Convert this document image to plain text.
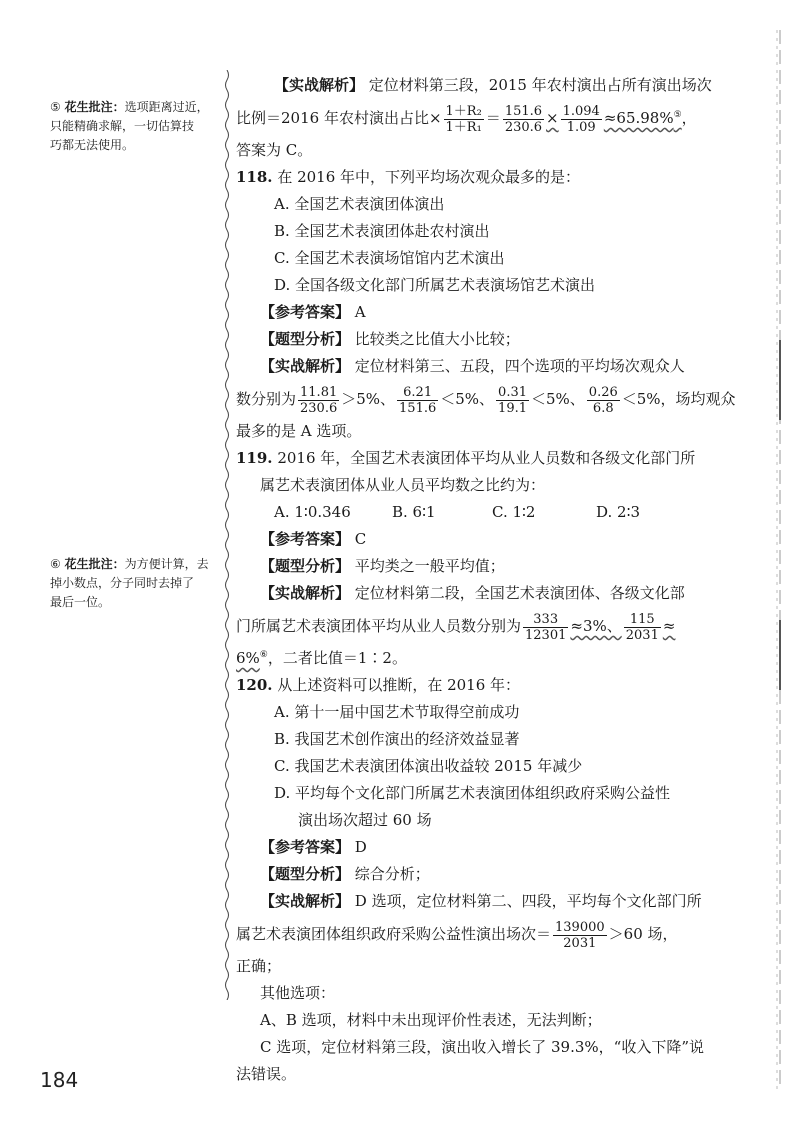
⑤ 花生批注：选项距离过近，
只能精确求解，一切估算技
巧都无法使用。
⑥ 花生批注：为方便计算，去
掉小数点，分子同时去掉了
最后一位。
【实战解析】 定位材料第三段，2015 年农村演出占所有演出场次
比例＝2016 年农村演出占比× $\frac{\text{1＋R₂}}{\text{1＋R₁}} = \frac{151.6}{230.6} \times \frac{1.094}{1.09} \approx 65.98\%^⑤$，
答案为 C。
118. 在 2016 年中，下列平均场次观众最多的是：
A. 全国艺术表演团体演出
B. 全国艺术表演团体赴农村演出
C. 全国艺术表演场馆馆内艺术演出
D. 全国各级文化部门所属艺术表演场馆艺术演出
【参考答案】 A
【题型分析】 比较类之比值大小比较；
【实战解析】 定位材料第三、五段，四个选项的平均场次观众人
数分别为 $\frac{11.81}{230.6} >5\%$、 $\frac{6.21}{151.6} <5\%$、 $\frac{0.31}{19.1} <5\%$、 $\frac{0.26}{6.8} <5\%$，场均观众
最多的是 A 选项。
119. 2016 年，全国艺术表演团体平均从业人员数和各级文化部门所
属艺术表演团体从业人员平均数之比约为：
A. 1∶0.346	B. 6∶1	C. 1∶2	D. 2∶3
【参考答案】 C
【题型分析】 平均类之一般平均值；
【实战解析】 定位材料第二段，全国艺术表演团体、各级文化部
门所属艺术表演团体平均从业人员数分别为 $\frac{333}{12301} \approx 3\%$、 $\frac{115}{2031}$ ≈
6%⑥，二者比值＝1∶2。
120. 从上述资料可以推断，在 2016 年：
A. 第十一届中国艺术节取得空前成功
B. 我国艺术创作演出的经济效益显著
C. 我国艺术表演团体演出收益较 2015 年减少
D. 平均每个文化部门所属艺术表演团体组织政府采购公益性
演出场次超过 60 场
【参考答案】 D
【题型分析】 综合分析；
【实战解析】 D 选项，定位材料第二、四段，平均每个文化部门所
属艺术表演团体组织政府采购公益性演出场次＝ $\frac{139000}{2031} >60$ 场，
正确；
其他选项：
A、B 选项，材料中未出现评价性表述，无法判断；
C 选项，定位材料第三段，演出收入增长了 39.3%，“收入下降”说
法错误。
184
